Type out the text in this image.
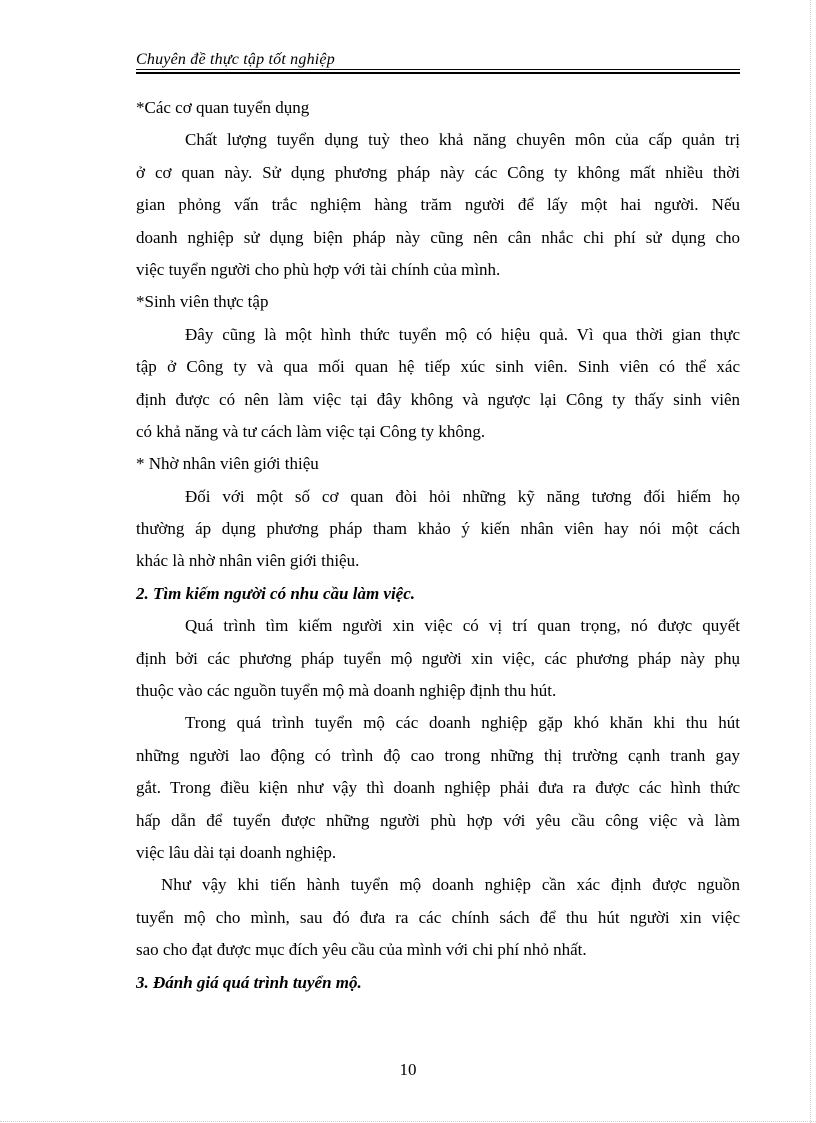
Chuyên đề thực tập tốt nghiệp
*Các cơ quan tuyển dụng
Chất lượng tuyển dụng tuỳ theo khả năng chuyên môn của cấp quản trị
ở cơ quan này. Sử dụng phương pháp này các Công ty không mất nhiều thời
gian phỏng vấn trắc nghiệm hàng trăm người để lấy một hai người. Nếu
doanh nghiệp sử dụng biện pháp này cũng nên cân nhắc chi phí sử dụng cho
việc tuyển người cho phù hợp với tài chính của mình.
*Sinh viên thực tập
Đây cũng là một hình thức tuyển mộ có hiệu quả. Vì qua thời gian thực
tập ở Công ty và qua mối quan hệ tiếp xúc sinh viên. Sinh viên có thể xác
định được có nên làm việc tại đây không và ngược lại Công ty thấy sinh viên
có khả năng và tư cách làm việc tại Công ty không.
* Nhờ nhân viên giới thiệu
Đối với một số cơ quan đòi hỏi những kỹ năng tương đối hiếm họ
thường áp dụng phương pháp tham khảo ý kiến nhân viên hay nói một cách
khác là nhờ nhân viên giới thiệu.
2. Tìm kiếm người có nhu cầu làm việc.
Quá trình tìm kiếm người xin việc có vị trí quan trọng, nó được quyết
định bởi các phương pháp tuyển mộ người xin việc, các phương pháp này phụ
thuộc vào các nguồn tuyển mộ mà doanh nghiệp định thu hút.
Trong quá trình tuyển mộ các doanh nghiệp gặp khó khăn khi thu hút
những người lao động có trình độ cao trong những thị trường cạnh tranh gay
gắt. Trong điều kiện như vậy thì doanh nghiệp phải đưa ra được các hình thức
hấp dẫn để tuyển được những người phù hợp với yêu cầu công việc và làm
việc lâu dài tại doanh nghiệp.
Như vậy khi tiến hành tuyển mộ doanh nghiệp cần xác định được nguồn
tuyển mộ cho mình, sau đó đưa ra các chính sách để thu hút người xin việc
sao cho đạt được mục đích yêu cầu của mình với chi phí nhỏ nhất.
3. Đánh giá quá trình tuyển mộ.
10
